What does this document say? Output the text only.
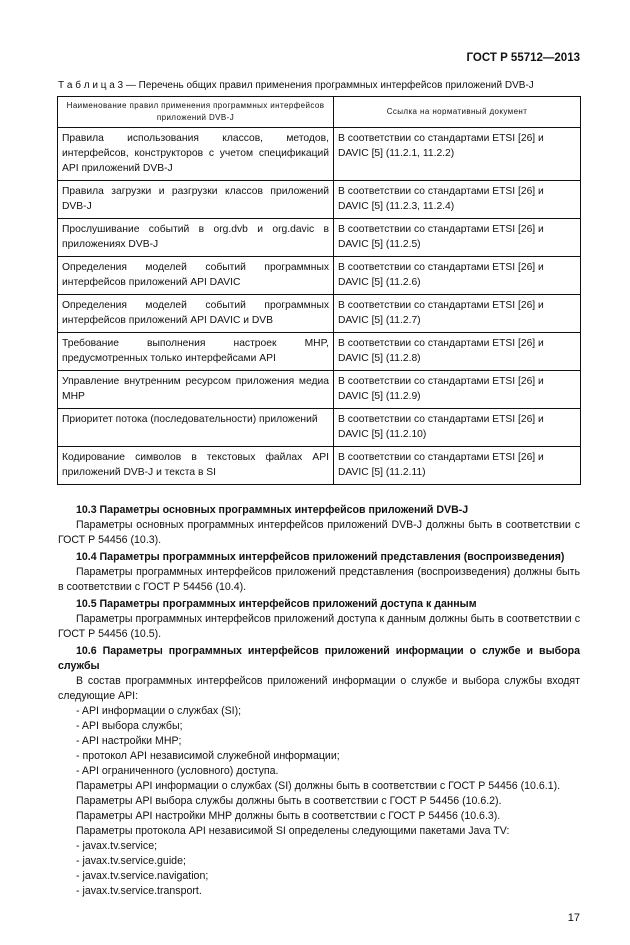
ГОСТ Р 55712—2013
Т а б л и ц а 3 — Перечень общих правил применения программных интерфейсов приложений DVB-J
Наименование правил применения программных интерфейсов приложений DVB-J	Ссылка на нормативный документ
Правила использования классов, методов, интерфейсов, конструкторов с учетом спецификаций API приложений DVB-J	В соответствии со стандартами ETSI [26] и DAVIC [5] (11.2.1, 11.2.2)
Правила загрузки и разгрузки классов приложений DVB-J	В соответствии со стандартами ETSI [26] и DAVIC [5] (11.2.3, 11.2.4)
Прослушивание событий в org.dvb и org.davic в приложениях DVB-J	В соответствии со стандартами ETSI [26] и DAVIC [5] (11.2.5)
Определения моделей событий программных интерфейсов приложений API DAVIC	В соответствии со стандартами ETSI [26] и DAVIC [5] (11.2.6)
Определения моделей событий программных интерфейсов приложений API DAVIC и DVB	В соответствии со стандартами ETSI [26] и DAVIC [5] (11.2.7)
Требование выполнения настроек MHP, предусмотренных только интерфейсами API	В соответствии со стандартами ETSI [26] и DAVIC [5] (11.2.8)
Управление внутренним ресурсом приложения медиа MHP	В соответствии со стандартами ETSI [26] и DAVIC [5] (11.2.9)
Приоритет потока (последовательности) приложений	В соответствии со стандартами ETSI [26] и DAVIC [5] (11.2.10)
Кодирование символов в текстовых файлах API приложений DVB-J и текста в SI	В соответствии со стандартами ETSI [26] и DAVIC [5] (11.2.11)

10.3 Параметры основных программных интерфейсов приложений DVB-J

Параметры основных программных интерфейсов приложений DVB-J должны быть в соответствии с ГОСТ Р 54456 (10.3).

10.4 Параметры программных интерфейсов приложений представления (воспроизведения)

Параметры программных интерфейсов приложений представления (воспроизведения) должны быть в соответствии с ГОСТ Р 54456 (10.4).

10.5 Параметры программных интерфейсов приложений доступа к данным

Параметры программных интерфейсов приложений доступа к данным должны быть в соответствии с ГОСТ Р 54456 (10.5).

10.6 Параметры программных интерфейсов приложений информации о службе и выбора службы

В состав программных интерфейсов приложений информации о службе и выбора службы входят следующие API:

- API информации о службах (SI);

- API выбора службы;

- API настройки MHP;

- протокол API независимой служебной информации;

- API ограниченного (условного) доступа.

Параметры API информации о службах (SI) должны быть в соответствии с ГОСТ Р 54456 (10.6.1).

Параметры API выбора службы должны быть в соответствии с ГОСТ Р 54456 (10.6.2).

Параметры API настройки MHP должны быть в соответствии с ГОСТ Р 54456 (10.6.3).

Параметры протокола API независимой SI определены следующими пакетами Java TV:

- javax.tv.service;

- javax.tv.service.guide;

- javax.tv.service.navigation;

- javax.tv.service.transport.

17
